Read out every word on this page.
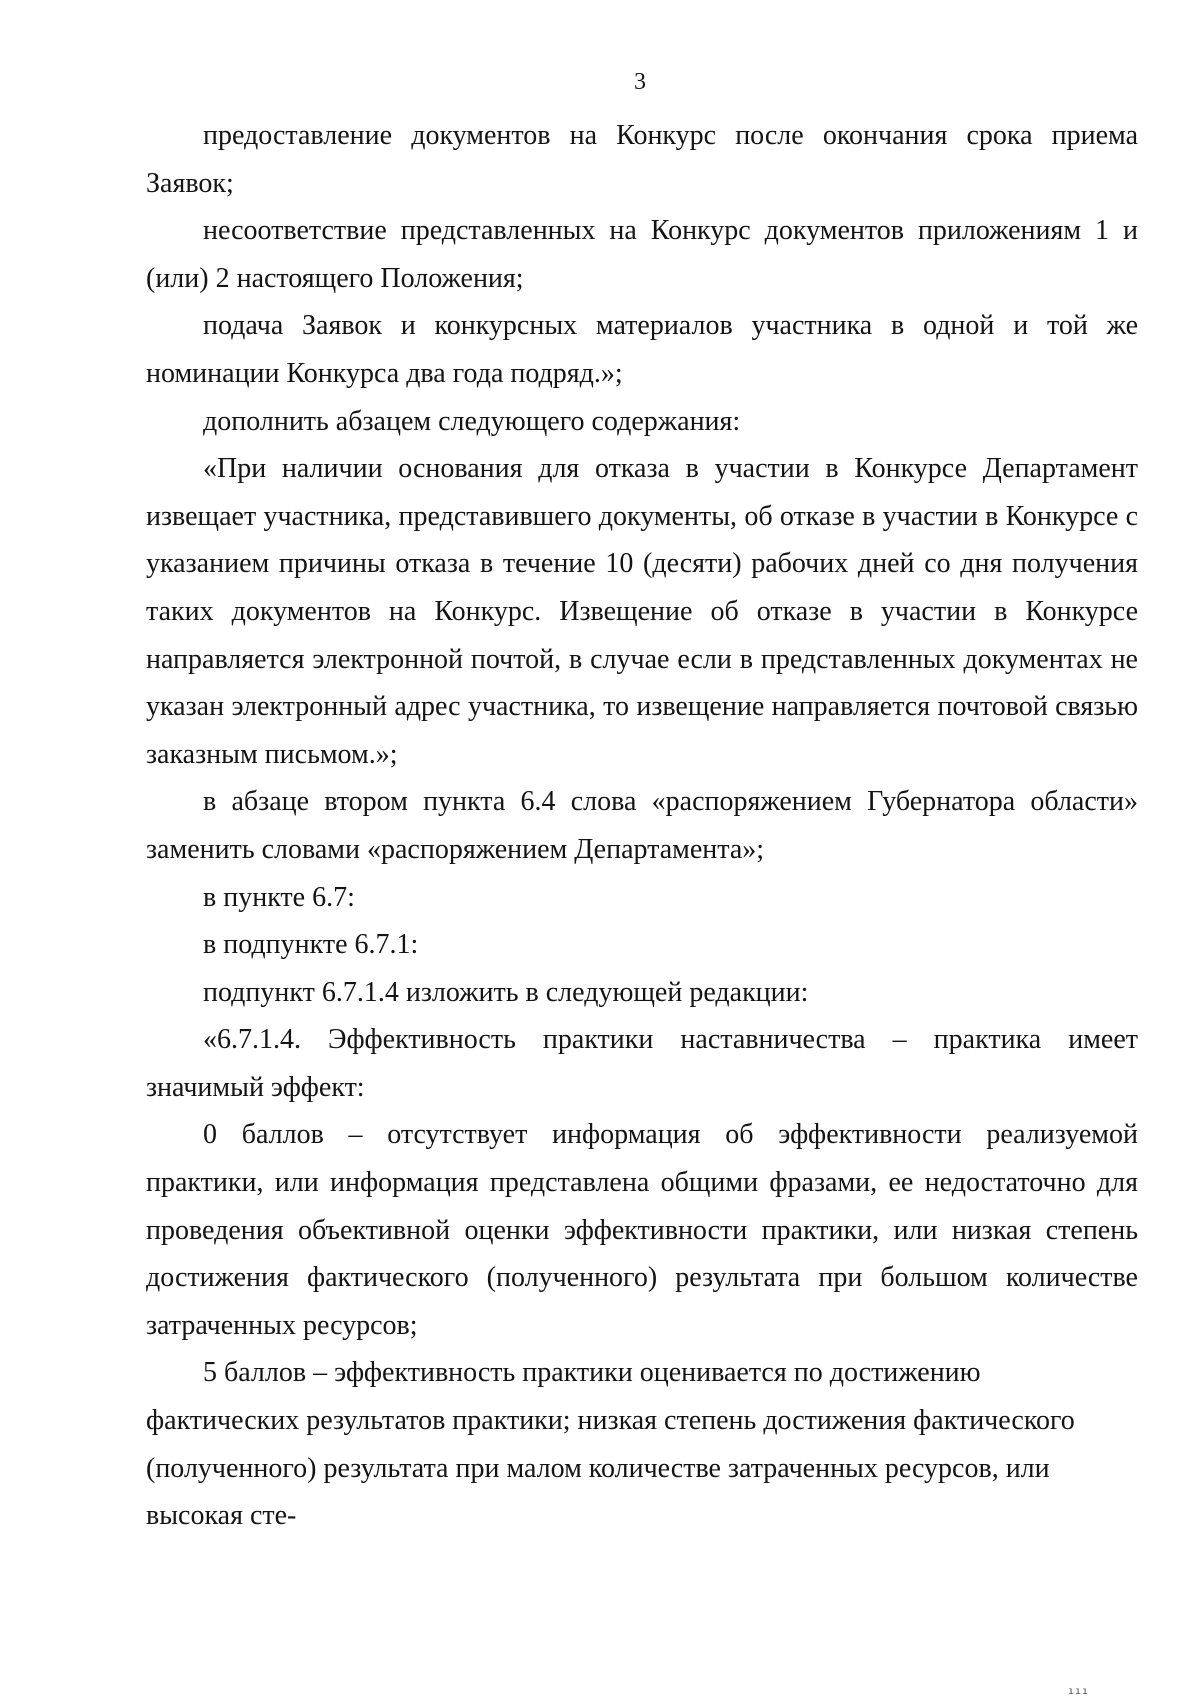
3

предоставление документов на Конкурс после окончания срока приема Заявок;

несоответствие представленных на Конкурс документов приложениям 1 и (или) 2 настоящего Положения;

подача Заявок и конкурсных материалов участника в одной и той же номинации Конкурса два года подряд.»;

дополнить абзацем следующего содержания:

«При наличии основания для отказа в участии в Конкурсе Департамент извещает участника, представившего документы, об отказе в участии в Конкурсе с указанием причины отказа в течение 10 (десяти) рабочих дней со дня получения таких документов на Конкурс. Извещение об отказе в участии в Конкурсе направляется электронной почтой, в случае если в представленных документах не указан электронный адрес участника, то извещение направляется почтовой связью заказным письмом.»;

в абзаце втором пункта 6.4 слова «распоряжением Губернатора области» заменить словами «распоряжением Департамента»;

в пункте 6.7:

в подпункте 6.7.1:

подпункт 6.7.1.4 изложить в следующей редакции:

«6.7.1.4. Эффективность практики наставничества – практика имеет значимый эффект:

0 баллов – отсутствует информация об эффективности реализуемой практики, или информация представлена общими фразами, ее недостаточно для проведения объективной оценки эффективности практики, или низкая степень достижения фактического (полученного) результата при большом количестве затраченных ресурсов;

5 баллов – эффективность практики оценивается по достижению фактических результатов практики; низкая степень достижения фактического (полученного) результата при малом количестве затраченных ресурсов, или высокая сте-

ııı
